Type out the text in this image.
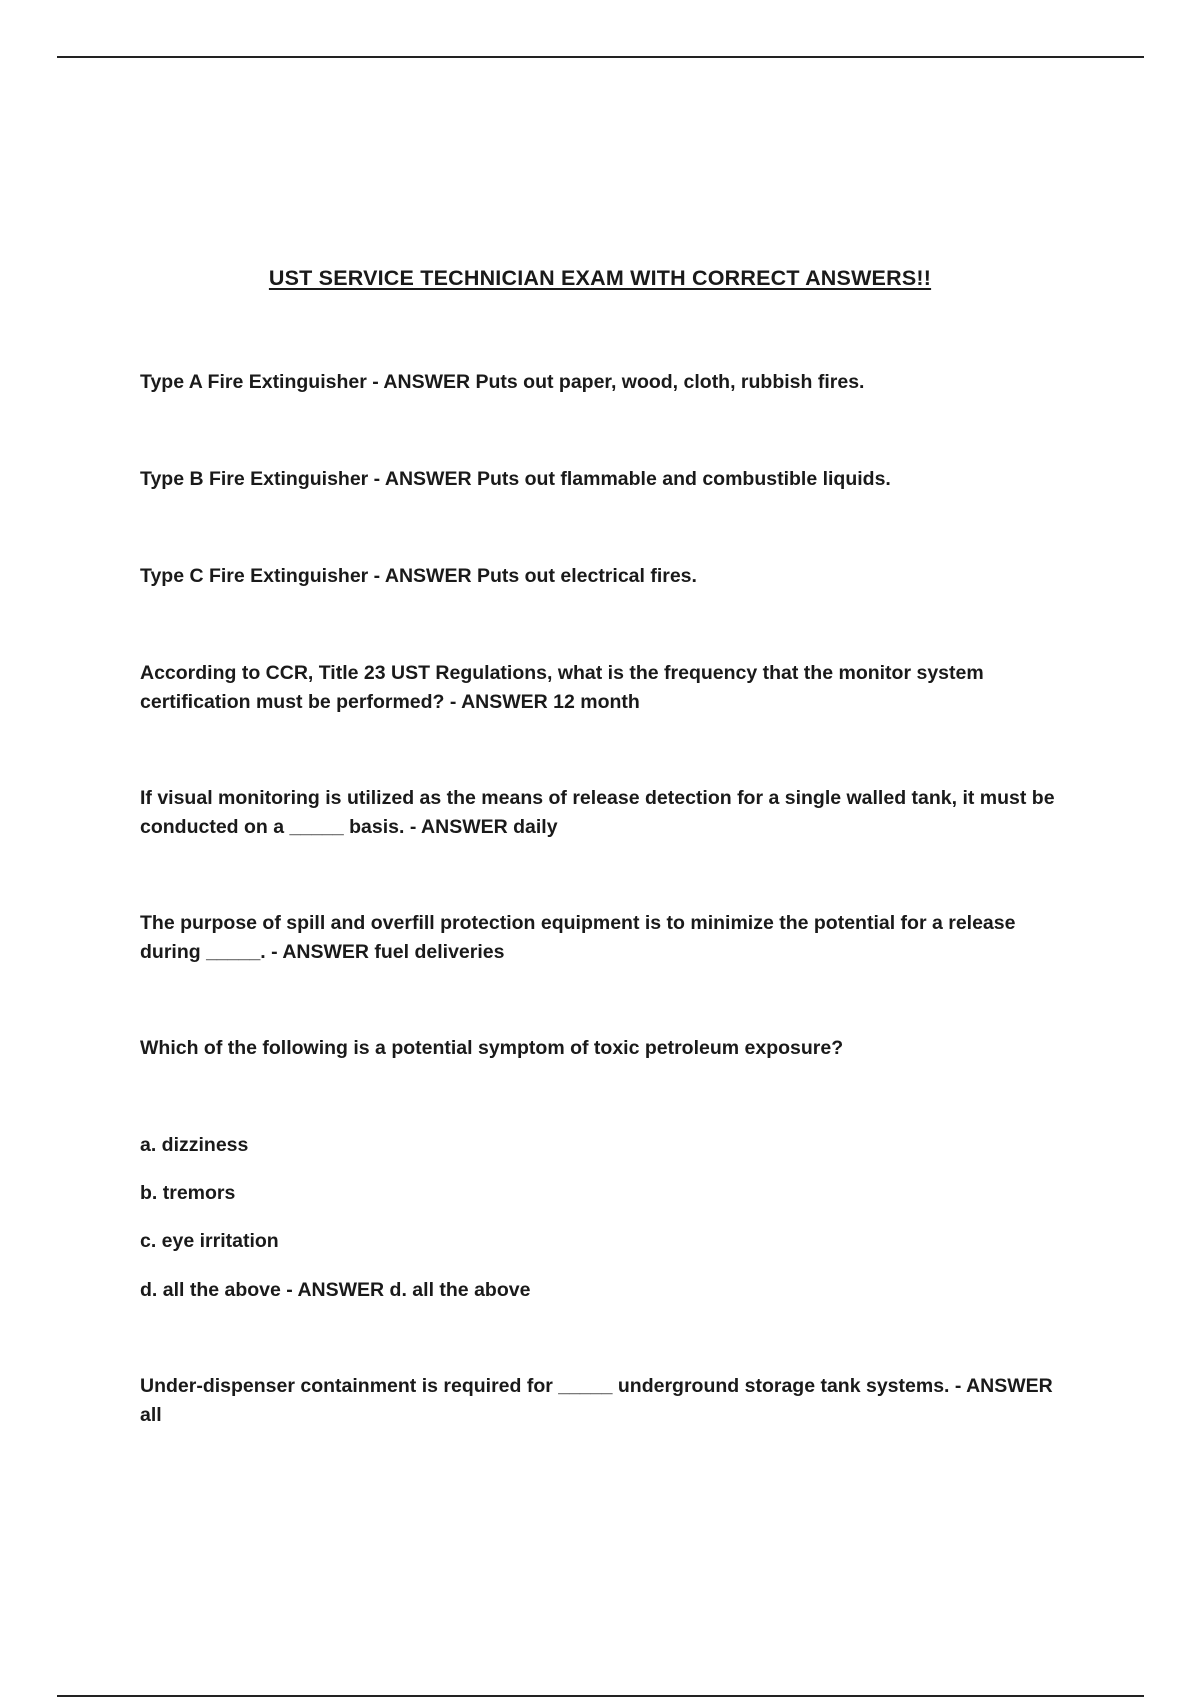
UST SERVICE TECHNICIAN EXAM WITH CORRECT ANSWERS!!

Type A Fire Extinguisher - ANSWER Puts out paper, wood, cloth, rubbish fires.

Type B Fire Extinguisher - ANSWER Puts out flammable and combustible liquids.

Type C Fire Extinguisher - ANSWER Puts out electrical fires.

According to CCR, Title 23 UST Regulations, what is the frequency that the monitor system certification must be performed? - ANSWER 12 month

If visual monitoring is utilized as the means of release detection for a single walled tank, it must be conducted on a _____ basis. - ANSWER daily

The purpose of spill and overfill protection equipment is to minimize the potential for a release during _____. - ANSWER fuel deliveries

Which of the following is a potential symptom of toxic petroleum exposure?

a. dizziness

b. tremors

c. eye irritation

d. all the above - ANSWER d. all the above

Under-dispenser containment is required for _____ underground storage tank systems. - ANSWER all
